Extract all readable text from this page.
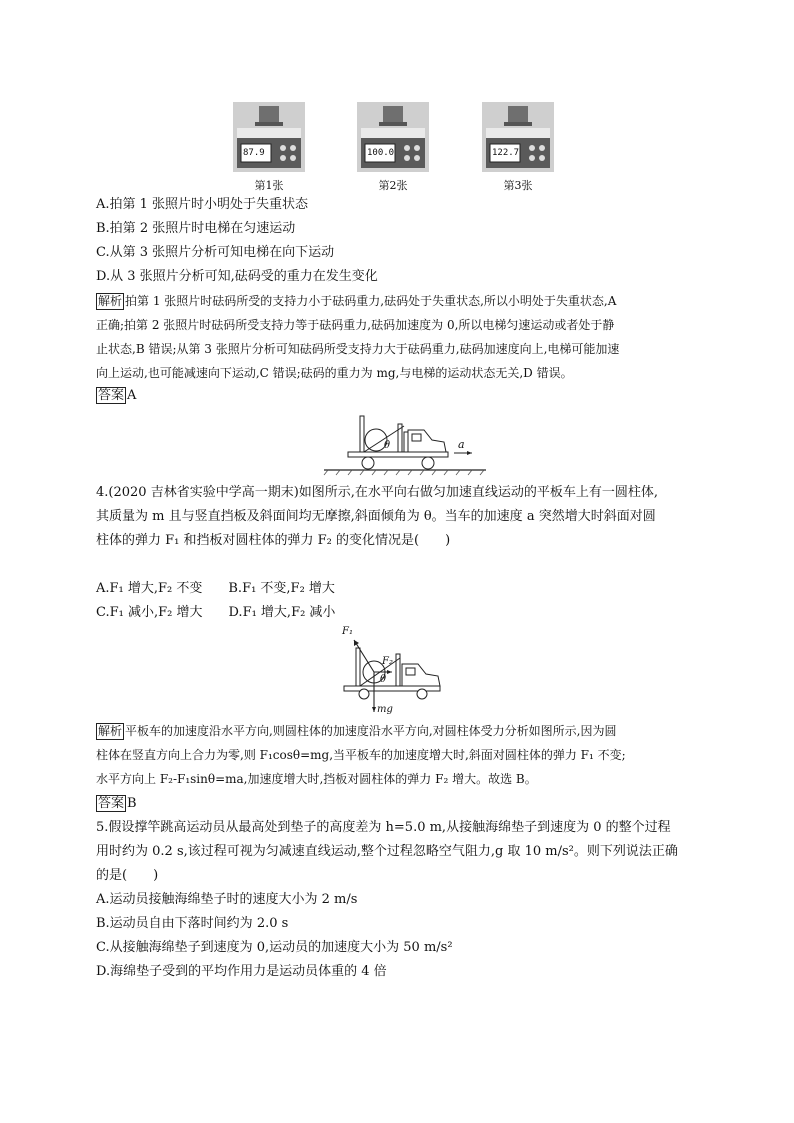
87.9
第1张
100.0
第2张
122.7
第3张
A.拍第 1 张照片时小明处于失重状态
B.拍第 2 张照片时电梯在匀速运动
C.从第 3 张照片分析可知电梯在向下运动
D.从 3 张照片分析可知,砝码受的重力在发生变化
解析 拍第 1 张照片时砝码所受的支持力小于砝码重力,砝码处于失重状态,所以小明处于失重状态,A
正确;拍第 2 张照片时砝码所受支持力等于砝码重力,砝码加速度为 0,所以电梯匀速运动或者处于静
止状态,B 错误;从第 3 张照片分析可知砝码所受支持力大于砝码重力,砝码加速度向上,电梯可能加速
向上运动,也可能减速向下运动,C 错误;砝码的重力为 mg,与电梯的运动状态无关,D 错误。
答案 A
θ	a
4.(2020 吉林省实验中学高一期末)如图所示,在水平向右做匀加速直线运动的平板车上有一圆柱体,
其质量为 m 且与竖直挡板及斜面间均无摩擦,斜面倾角为 θ。当车的加速度 a 突然增大时斜面对圆
柱体的弹力 F₁ 和挡板对圆柱体的弹力 F₂ 的变化情况是(　　)
A.F₁ 增大,F₂ 不变　　B.F₁ 不变,F₂ 增大
C.F₁ 减小,F₂ 增大　　D.F₁ 增大,F₂ 减小
F₁
F₂
θ
mg
解析 平板车的加速度沿水平方向,则圆柱体的加速度沿水平方向,对圆柱体受力分析如图所示,因为圆
柱体在竖直方向上合力为零,则 F₁cosθ=mg,当平板车的加速度增大时,斜面对圆柱体的弹力 F₁ 不变;
水平方向上 F₂-F₁sinθ=ma,加速度增大时,挡板对圆柱体的弹力 F₂ 增大。故选 B。
答案 B
5.假设撑竿跳高运动员从最高处到垫子的高度差为 h=5.0 m,从接触海绵垫子到速度为 0 的整个过程
用时约为 0.2 s,该过程可视为匀减速直线运动,整个过程忽略空气阻力,g 取 10 m/s²。则下列说法正确
的是(　　)
A.运动员接触海绵垫子时的速度大小为 2 m/s
B.运动员自由下落时间约为 2.0 s
C.从接触海绵垫子到速度为 0,运动员的加速度大小为 50 m/s²
D.海绵垫子受到的平均作用力是运动员体重的 4 倍
